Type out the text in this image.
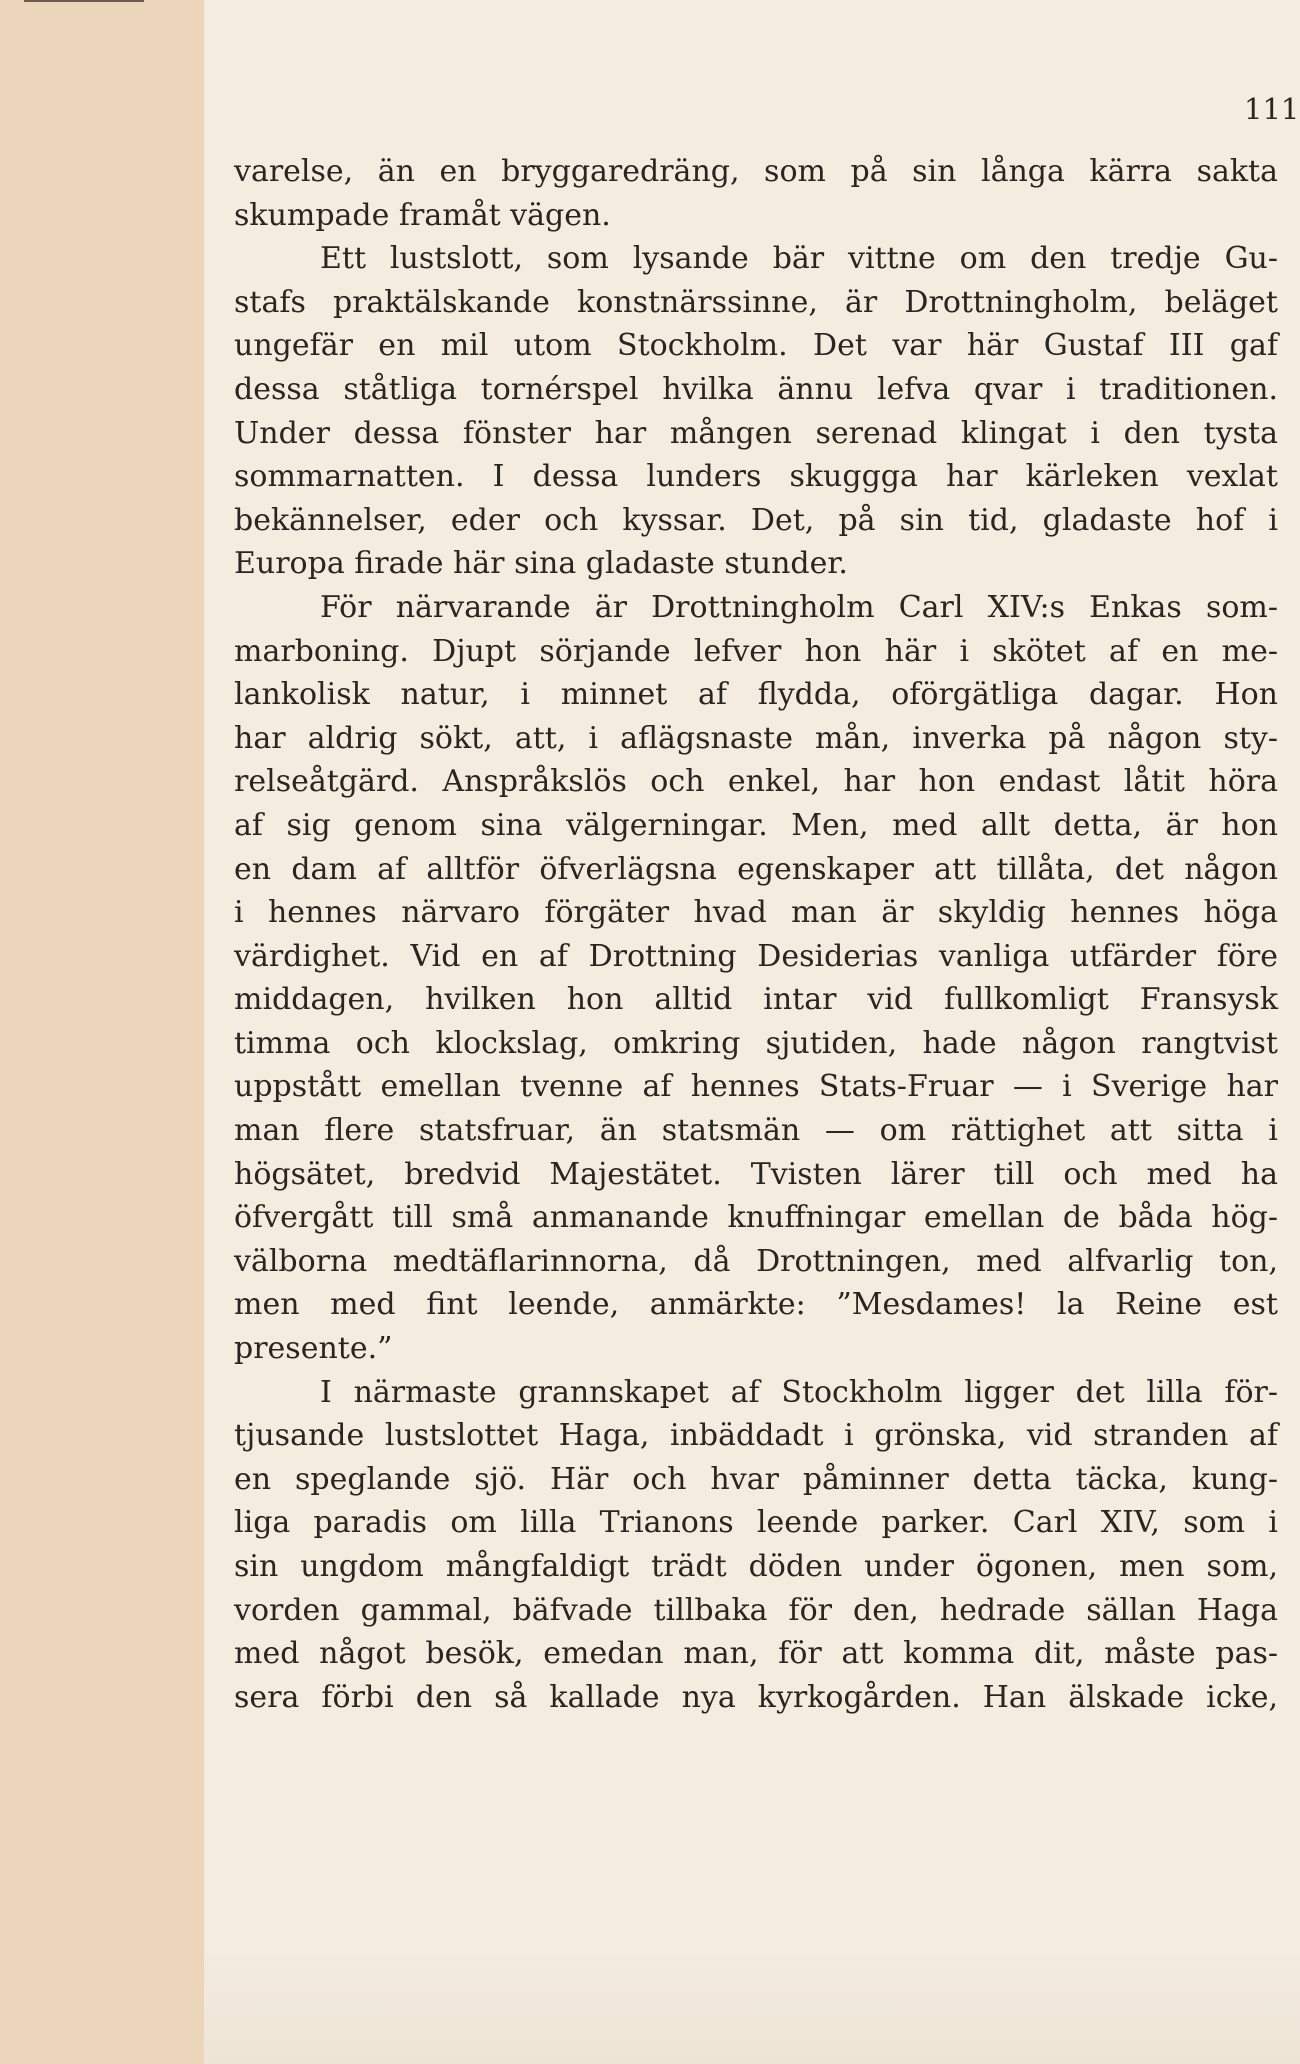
111
varelse, än en bryggaredräng, som på sin långa kärra sakta
skumpade framåt vägen.
Ett lustslott, som lysande bär vittne om den tredje Gu-
stafs praktälskande konstnärssinne, är Drottningholm, beläget
ungefär en mil utom Stockholm. Det var här Gustaf III gaf
dessa ståtliga tornérspel hvilka ännu lefva qvar i traditionen.
Under dessa fönster har mången serenad klingat i den tysta
sommarnatten. I dessa lunders skuggga har kärleken vexlat
bekännelser, eder och kyssar. Det, på sin tid, gladaste hof i
Europa firade här sina gladaste stunder.
För närvarande är Drottningholm Carl XIV:s Enkas som-
marboning. Djupt sörjande lefver hon här i skötet af en me-
lankolisk natur, i minnet af flydda, oförgätliga dagar. Hon
har aldrig sökt, att, i aflägsnaste mån, inverka på någon sty-
relseåtgärd. Anspråkslös och enkel, har hon endast låtit höra
af sig genom sina välgerningar. Men, med allt detta, är hon
en dam af alltför öfverlägsna egenskaper att tillåta, det någon
i hennes närvaro förgäter hvad man är skyldig hennes höga
värdighet. Vid en af Drottning Desiderias vanliga utfärder före
middagen, hvilken hon alltid intar vid fullkomligt Fransysk
timma och klockslag, omkring sjutiden, hade någon rangtvist
uppstått emellan tvenne af hennes Stats-Fruar — i Sverige har
man flere statsfruar, än statsmän — om rättighet att sitta i
högsätet, bredvid Majestätet. Tvisten lärer till och med ha
öfvergått till små anmanande knuffningar emellan de båda hög-
välborna medtäflarinnorna, då Drottningen, med alfvarlig ton,
men med fint leende, anmärkte: ”Mesdames! la Reine est
presente.”
I närmaste grannskapet af Stockholm ligger det lilla för-
tjusande lustslottet Haga, inbäddadt i grönska, vid stranden af
en speglande sjö. Här och hvar påminner detta täcka, kung-
liga paradis om lilla Trianons leende parker. Carl XIV, som i
sin ungdom mångfaldigt trädt döden under ögonen, men som,
vorden gammal, bäfvade tillbaka för den, hedrade sällan Haga
med något besök, emedan man, för att komma dit, måste pas-
sera förbi den så kallade nya kyrkogården. Han älskade icke,
